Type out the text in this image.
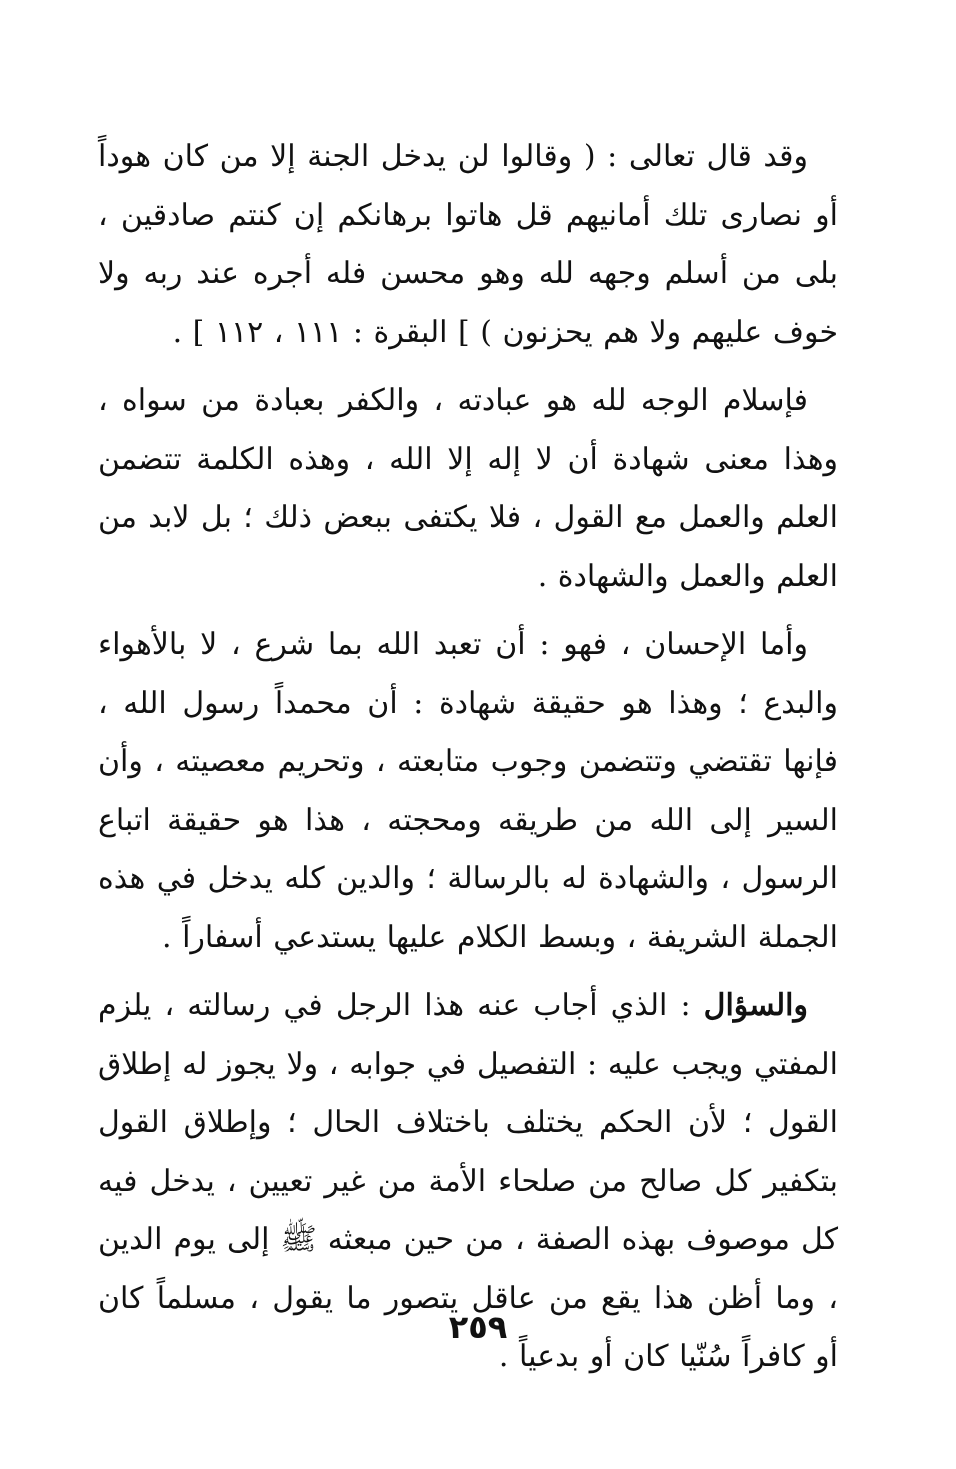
وقد قال تعالى : ( وقالوا لن يدخل الجنة إلا من كان هوداً أو نصارى تلك أمانيهم قل هاتوا برهانكم إن كنتم صادقين ، بلى من أسلم وجهه لله وهو محسن فله أجره عند ربه ولا خوف عليهم ولا هم يحزنون ) ] البقرة : ١١١ ، ١١٢ ] .

فإسلام الوجه لله هو عبادته ، والكفر بعبادة من سواه ، وهذا معنى شهادة أن لا إله إلا الله ، وهذه الكلمة تتضمن العلم والعمل مع القول ، فلا يكتفى ببعض ذلك ؛ بل لابد من العلم والعمل والشهادة .

وأما الإحسان ، فهو : أن تعبد الله بما شرع ، لا بالأهواء والبدع ؛ وهذا هو حقيقة شهادة : أن محمداً رسول الله ، فإنها تقتضي وتتضمن وجوب متابعته ، وتحريم معصيته ، وأن السير إلى الله من طريقه ومحجته ، هذا هو حقيقة اتباع الرسول ، والشهادة له بالرسالة ؛ والدين كله يدخل في هذه الجملة الشريفة ، وبسط الكلام عليها يستدعي أسفاراً .

والسؤال : الذي أجاب عنه هذا الرجل في رسالته ، يلزم المفتي ويجب عليه : التفصيل في جوابه ، ولا يجوز له إطلاق القول ؛ لأن الحكم يختلف باختلاف الحال ؛ وإطلاق القول بتكفير كل صالح من صلحاء الأمة من غير تعيين ، يدخل فيه كل موصوف بهذه الصفة ، من حين مبعثه ﷺ إلى يوم الدين ، وما أظن هذا يقع من عاقل يتصور ما يقول ، مسلماً كان أو كافراً سُنّيا كان أو بدعياً .

٢٥٩
